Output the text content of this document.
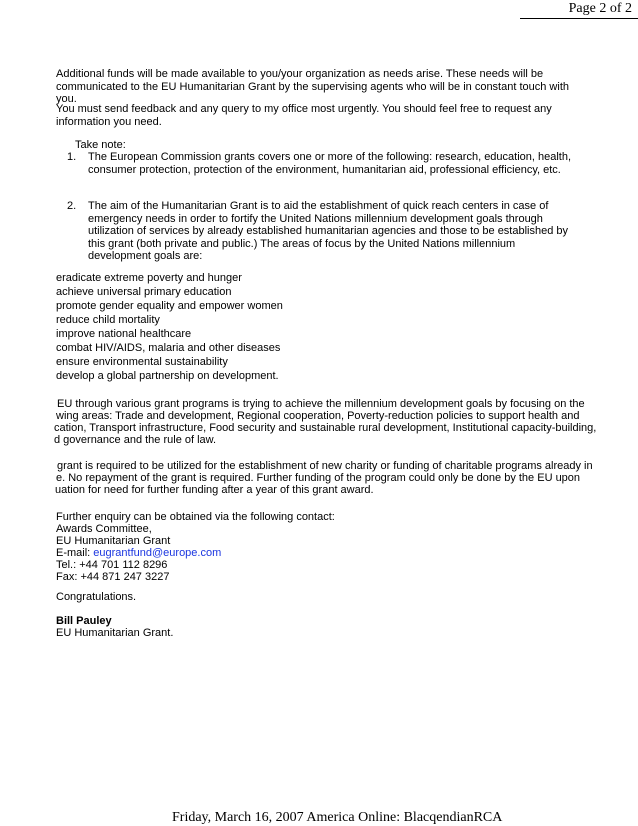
Page 2 of 2

Additional funds will be made available to you/your organization as needs arise. These needs will be communicated to the EU Humanitarian Grant by the supervising agents who will be in constant touch with you.

You must send feedback and any query to my office most urgently. You should feel free to request any information you need.

Take note:
1. The European Commission grants covers one or more of the following: research, education, health, consumer protection, protection of the environment, humanitarian aid, professional efficiency, etc.
2. The aim of the Humanitarian Grant is to aid the establishment of quick reach centers in case of emergency needs in order to fortify the United Nations millennium development goals through utilization of services by already established humanitarian agencies and those to be established by this grant (both private and public.) The areas of focus by the United Nations millennium development goals are:
eradicate extreme poverty and hunger
achieve universal primary education
promote gender equality and empower women
reduce child mortality
improve national healthcare
combat HIV/AIDS, malaria and other diseases
ensure environmental sustainability
develop a global partnership on development.
EU through various grant programs is trying to achieve the millennium development goals by focusing on the
wing areas: Trade and development, Regional cooperation, Poverty-reduction policies to support health and
cation, Transport infrastructure, Food security and sustainable rural development, Institutional capacity-building,
d governance and the rule of law.
grant is required to be utilized for the establishment of new charity or funding of charitable programs already in
e. No repayment of the grant is required. Further funding of the program could only be done by the EU upon
uation for need for further funding after a year of this grant award.
Further enquiry can be obtained via the following contact:
Awards Committee,
EU Humanitarian Grant
E-mail: eugrantfund@europe.com
Tel.: +44 701 112 8296
Fax: +44 871 247 3227
Congratulations.
Bill Pauley
EU Humanitarian Grant.
Friday, March 16, 2007 America Online: BlacqendianRCA
